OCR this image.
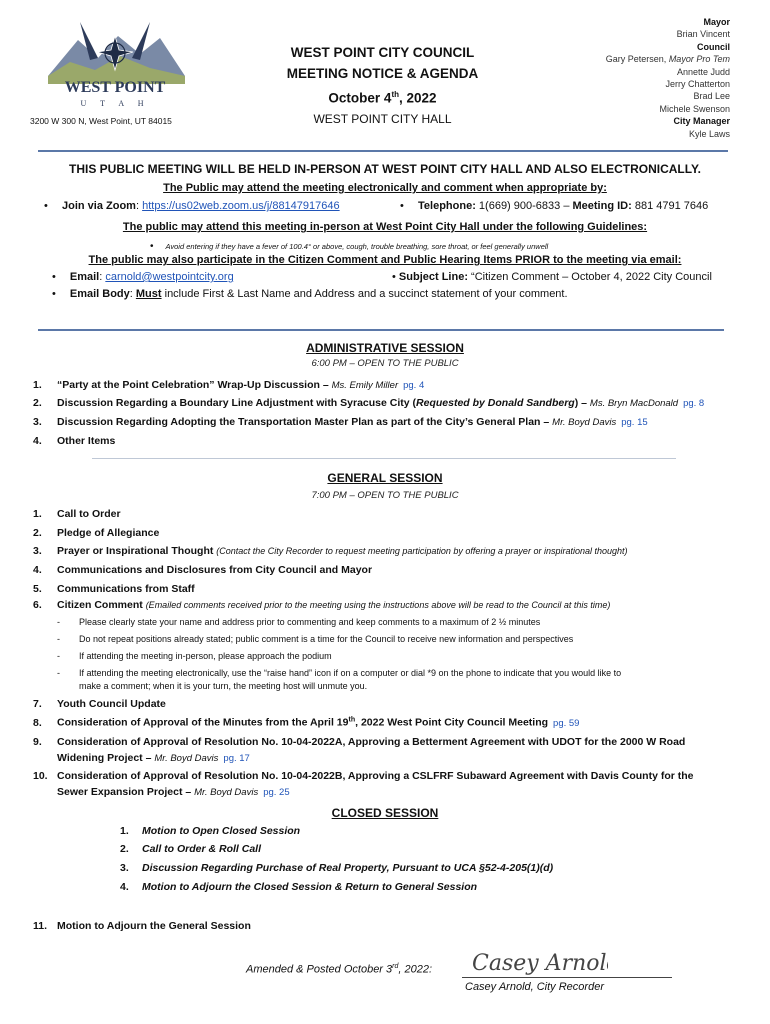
WEST POINT
U T A H
3200 W 300 N, West Point, UT 84015
WEST POINT CITY COUNCIL
MEETING NOTICE & AGENDA
October 4th, 2022
WEST POINT CITY HALL
Mayor
Brian Vincent
Council
Gary Petersen, Mayor Pro Tem
Annette Judd
Jerry Chatterton
Brad Lee
Michele Swenson
City Manager
Kyle Laws
THIS PUBLIC MEETING WILL BE HELD IN-PERSON AT WEST POINT CITY HALL AND ALSO ELECTRONICALLY.
The Public may attend the meeting electronically and comment when appropriate by:
• Join via Zoom: https://us02web.zoom.us/j/88147917646
•	Telephone: 1(669) 900-6833 – Meeting ID: 881 4791 7646
The public may attend this meeting in-person at West Point City Hall under the following Guidelines:
• Avoid entering if they have a fever of 100.4° or above, cough, trouble breathing, sore throat, or feel generally unwell
The public may also participate in the Citizen Comment and Public Hearing Items PRIOR to the meeting via email:
• Email: carnold@westpointcity.org	• Subject Line: “Citizen Comment – October 4, 2022 City Council
• Email Body: Must include First & Last Name and Address and a succinct statement of your comment.
ADMINISTRATIVE SESSION
6:00 PM – OPEN TO THE PUBLIC
1. “Party at the Point Celebration” Wrap-Up Discussion – Ms. Emily Miller pg. 4
2. Discussion Regarding a Boundary Line Adjustment with Syracuse City (Requested by Donald Sandberg) – Ms. Bryn MacDonald pg. 8
3. Discussion Regarding Adopting the Transportation Master Plan as part of the City’s General Plan – Mr. Boyd Davis pg. 15
4. Other Items
GENERAL SESSION
7:00 PM – OPEN TO THE PUBLIC
1. Call to Order
2. Pledge of Allegiance
3. Prayer or Inspirational Thought (Contact the City Recorder to request meeting participation by offering a prayer or inspirational thought)
4. Communications and Disclosures from City Council and Mayor
5. Communications from Staff
6. Citizen Comment (Emailed comments received prior to the meeting using the instructions above will be read to the Council at this time)
- Please clearly state your name and address prior to commenting and keep comments to a maximum of 2 ½ minutes
- Do not repeat positions already stated; public comment is a time for the Council to receive new information and perspectives
- If attending the meeting in-person, please approach the podium
- If attending the meeting electronically, use the “raise hand” icon if on a computer or dial *9 on the phone to indicate that you would like to
make a comment; when it is your turn, the meeting host will unmute you.
7. Youth Council Update
8. Consideration of Approval of the Minutes from the April 19th, 2022 West Point City Council Meeting pg. 59
9. Consideration of Approval of Resolution No. 10-04-2022A, Approving a Betterment Agreement with UDOT for the 2000 W Road
Widening Project – Mr. Boyd Davis pg. 17
10. Consideration of Approval of Resolution No. 10-04-2022B, Approving a CSLFRF Subaward Agreement with Davis County for the
Sewer Expansion Project – Mr. Boyd Davis pg. 25
CLOSED SESSION
1. Motion to Open Closed Session
2. Call to Order & Roll Call
3. Discussion Regarding Purchase of Real Property, Pursuant to UCA §52-4-205(1)(d)
4. Motion to Adjourn the Closed Session & Return to General Session
11. Motion to Adjourn the General Session
Amended & Posted October 3rd, 2022: Casey Arnold
Casey Arnold, City Recorder
